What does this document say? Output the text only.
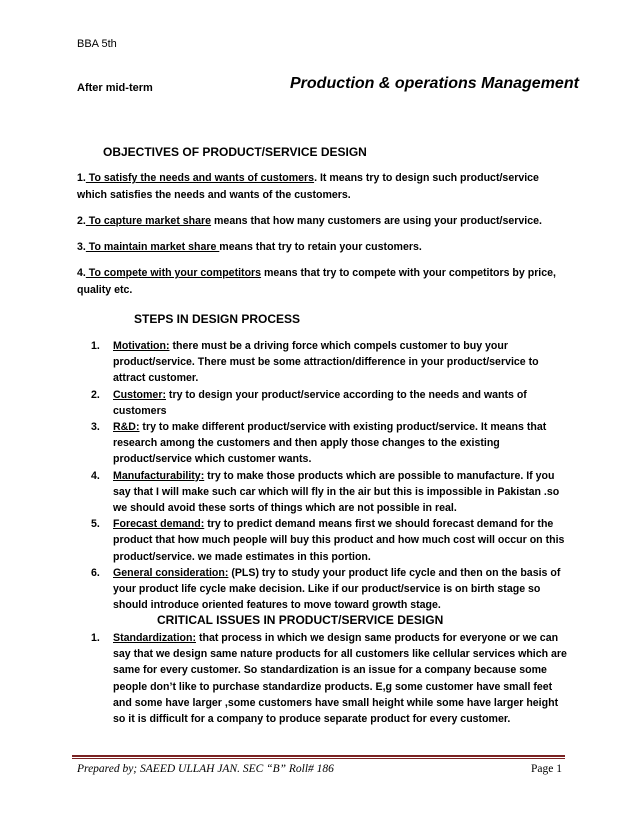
BBA 5th
After mid-term	Production & operations Management
OBJECTIVES OF PRODUCT/SERVICE DESIGN
1. To satisfy the needs and wants of customers. It means try to design such product/service which satisfies the needs and wants of the customers.
2. To capture market share means that how many customers are using your product/service.
3. To maintain market share means that try to retain your customers.
4. To compete with your competitors means that try to compete with your competitors by price, quality etc.
STEPS IN DESIGN PROCESS
1. Motivation: there must be a driving force which compels customer to buy your product/service. There must be some attraction/difference in your product/service to attract customer.
2. Customer: try to design your product/service according to the needs and wants of customers
3. R&D: try to make different product/service with existing product/service. It means that research among the customers and then apply those changes to the existing product/service which customer wants.
4. Manufacturability: try to make those products which are possible to manufacture. If you say that I will make such car which will fly in the air but this is impossible in Pakistan .so we should avoid these sorts of things which are not possible in real.
5. Forecast demand: try to predict demand means first we should forecast demand for the product that how much people will buy this product and how much cost will occur on this product/service. we made estimates in this portion.
6. General consideration: (PLS) try to study your product life cycle and then on the basis of your product life cycle make decision. Like if our product/service is on birth stage so should introduce oriented features to move toward growth stage.
CRITICAL ISSUES IN PRODUCT/SERVICE DESIGN
1. Standardization: that process in which we design same products for everyone or we can say that we design same nature products for all customers like cellular services which are same for every customer. So standardization is an issue for a company because some people don’t like to purchase standardize products. E,g some customer have small feet and some have larger ,some customers have small height while some have larger height so it is difficult for a company to produce separate product for every customer.
Prepared by; SAEED ULLAH JAN. SEC “B” Roll# 186	Page 1
